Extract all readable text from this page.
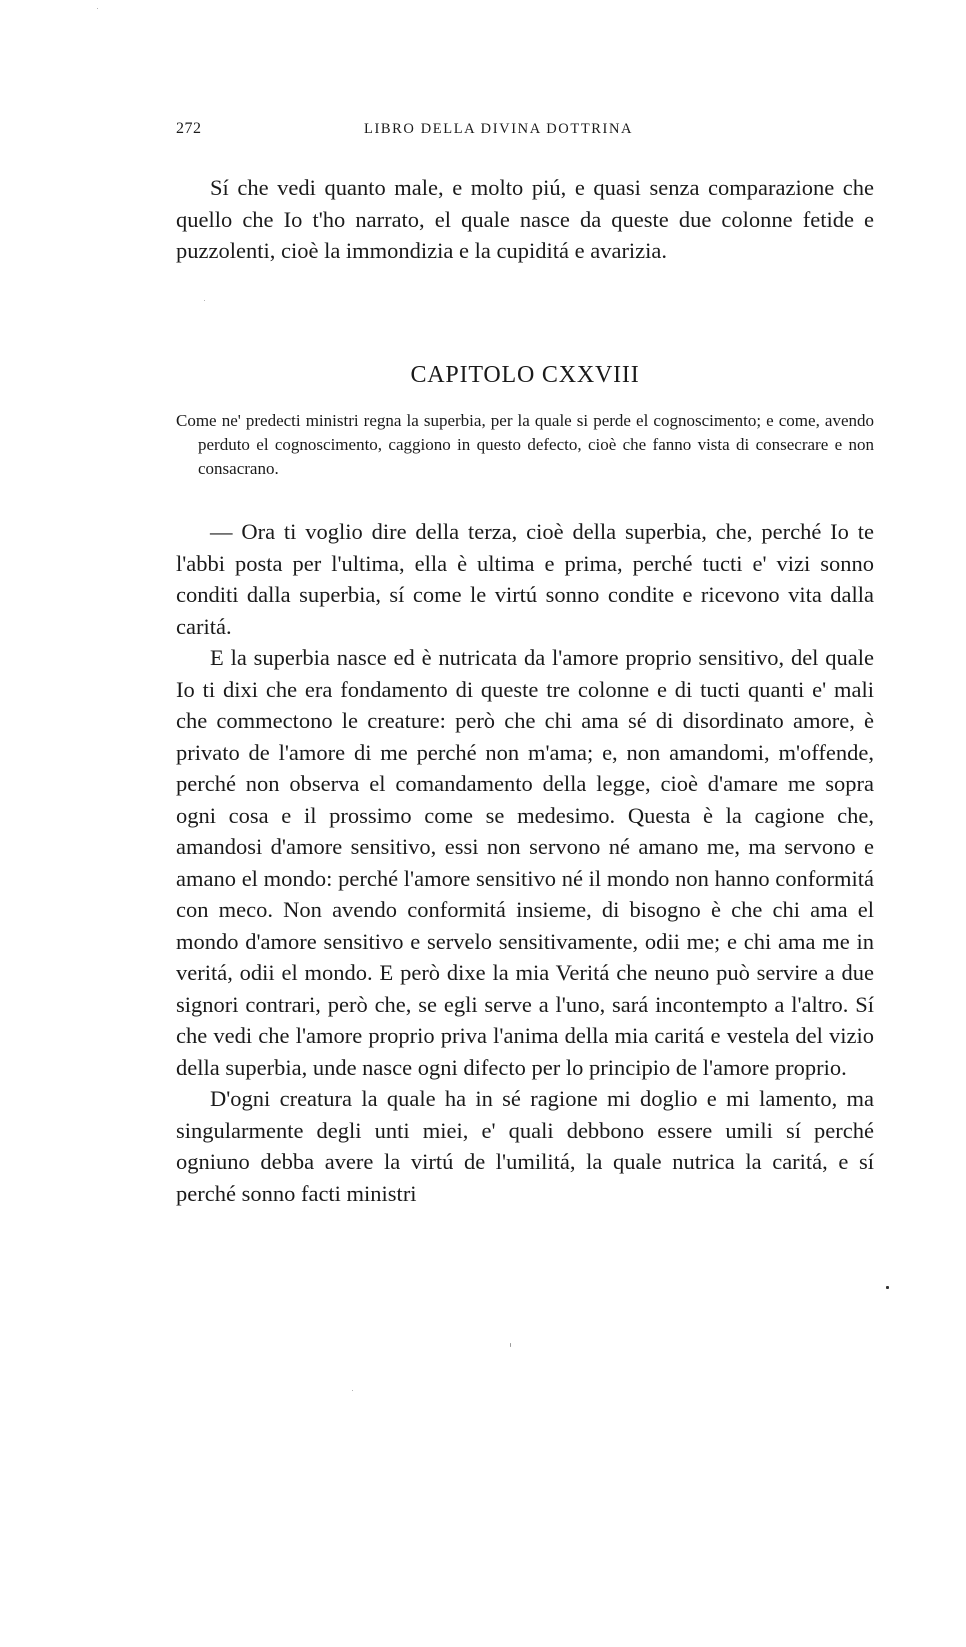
272	LIBRO DELLA DIVINA DOTTRINA

Sí che vedi quanto male, e molto piú, e quasi senza comparazione che quello che Io t'ho narrato, el quale nasce da queste due colonne fetide e puzzolenti, cioè la immondizia e la cupiditá e avarizia.

CAPITOLO CXXVIII
Come ne' predecti ministri regna la superbia, per la quale si perde el cognoscimento; e come, avendo perduto el cognoscimento, caggiono in questo defecto, cioè che fanno vista di consecrare e non consacrano.

— Ora ti voglio dire della terza, cioè della superbia, che, perché Io te l'abbi posta per l'ultima, ella è ultima e prima, perché tucti e' vizi sonno conditi dalla superbia, sí come le virtú sonno condite e ricevono vita dalla caritá.

E la superbia nasce ed è nutricata da l'amore proprio sensitivo, del quale Io ti dixi che era fondamento di queste tre colonne e di tucti quanti e' mali che commectono le creature: però che chi ama sé di disordinato amore, è privato de l'amore di me perché non m'ama; e, non amandomi, m'offende, perché non observa el comandamento della legge, cioè d'amare me sopra ogni cosa e il prossimo come se medesimo. Questa è la cagione che, amandosi d'amore sensitivo, essi non servono né amano me, ma servono e amano el mondo: perché l'amore sensitivo né il mondo non hanno conformitá con meco. Non avendo conformitá insieme, di bisogno è che chi ama el mondo d'amore sensitivo e servelo sensitivamente, odii me; e chi ama me in veritá, odii el mondo. E però dixe la mia Veritá che neuno può servire a due signori contrari, però che, se egli serve a l'uno, sará incontempto a l'altro. Sí che vedi che l'amore proprio priva l'anima della mia caritá e vestela del vizio della superbia, unde nasce ogni difecto per lo principio de l'amore proprio.

D'ogni creatura la quale ha in sé ragione mi doglio e mi lamento, ma singularmente degli unti miei, e' quali debbono essere umili sí perché ogniuno debba avere la virtú de l'umilitá, la quale nutrica la caritá, e sí perché sonno facti ministri
